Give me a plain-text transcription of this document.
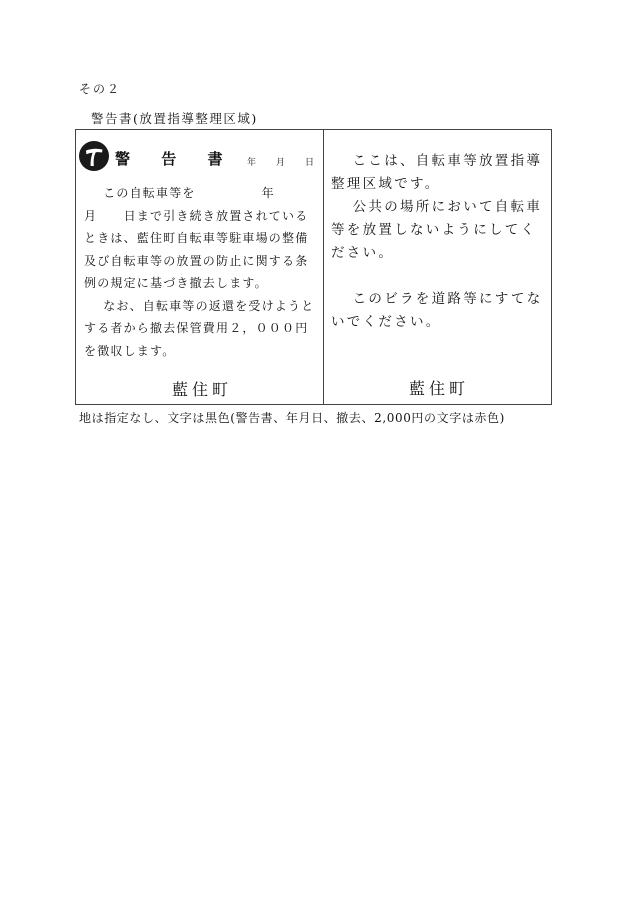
その２
警告書(放置指導整理区域)
警 告 書 年 月 日

この自転車等を　　　　　年

月　　日まで引き続き放置されているときは、藍住町自転車等駐車場の整備及び自転車等の放置の防止に関する条例の規定に基づき撤去します。

なお、自転車等の返還を受けようとする者から撤去保管費用２，０００円を徴収します。

藍住町

ここは、自転車等放置指導整理区域です。

公共の場所において自転車等を放置しないようにしてください。

このビラを道路等にすてないでください。

藍住町
地は指定なし、文字は黒色(警告書、年月日、撤去、2,000円の文字は赤色)
